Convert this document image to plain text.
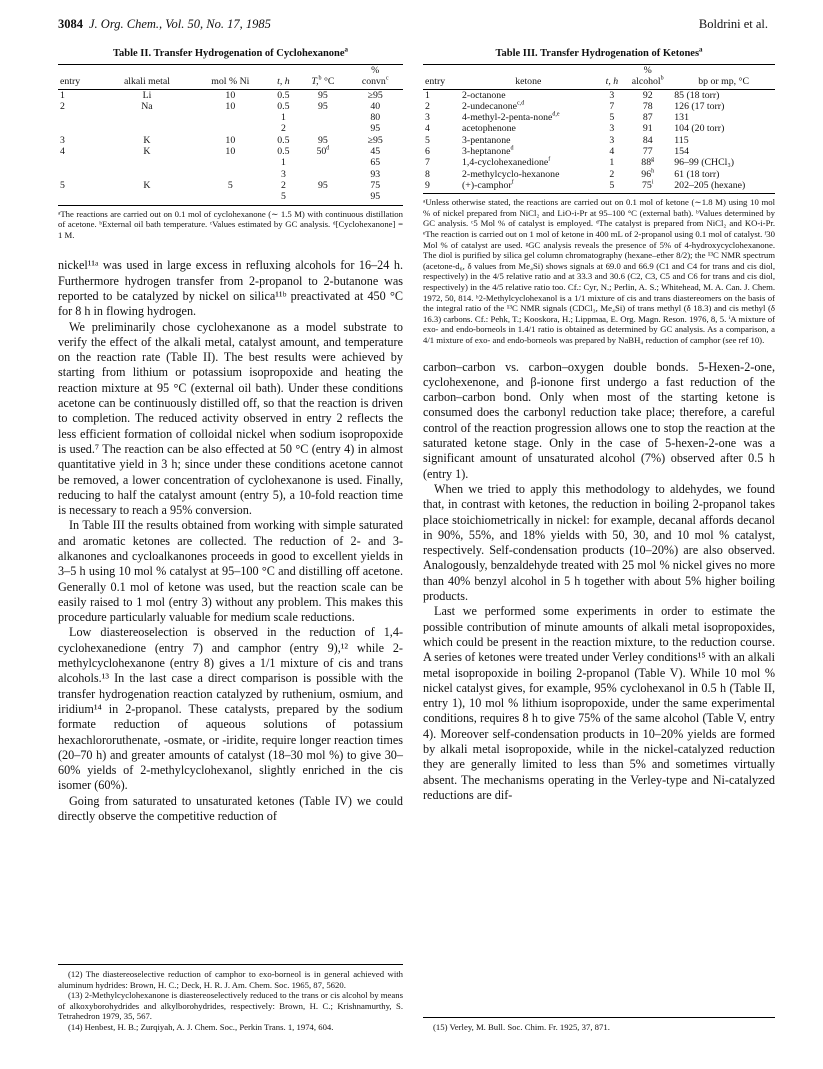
3084 J. Org. Chem., Vol. 50, No. 17, 1985	Boldrini et al.
Table II. Transfer Hydrogenation of Cyclohexanone$^a$
					%
entry	alkali metal	mol % Ni	t, h	T,$^b$ °C	convn$^c$
1	Li	10	0.5	95	≥95
2	Na	10	0.5	95	40
			1		80
			2		95
3	K	10	0.5	95	≥95
4	K	10	0.5	50$^d$	45
			1		65
			3		93
5	K	5	2	95	75
			5		95
ᵃThe reactions are carried out on 0.1 mol of cyclohexanone (∼ 1.5 M) with continuous distillation of acetone. ᵇExternal oil bath temperature. ᶜValues estimated by GC analysis. ᵈ[Cyclohexanone] = 1 M.

nickel¹¹ᵃ was used in large excess in refluxing alcohols for 16–24 h. Furthermore hydrogen transfer from 2-propanol to 2-butanone was reported to be catalyzed by nickel on silica¹¹ᵇ preactivated at 450 °C for 8 h in flowing hydrogen.

We preliminarily chose cyclohexanone as a model substrate to verify the effect of the alkali metal, catalyst amount, and temperature on the reaction rate (Table II). The best results were achieved by starting from lithium or potassium isopropoxide and heating the reaction mixture at 95 °C (external oil bath). Under these conditions acetone can be continuously distilled off, so that the reaction is driven to completion. The reduced activity observed in entry 2 reflects the less efficient formation of colloidal nickel when sodium isopropoxide is used.⁷ The reaction can be also effected at 50 °C (entry 4) in almost quantitative yield in 3 h; since under these conditions acetone cannot be removed, a lower concentration of cyclohexanone is used. Finally, reducing to half the catalyst amount (entry 5), a 10-fold reaction time is necessary to reach a 95% conversion.

In Table III the results obtained from working with simple saturated and aromatic ketones are collected. The reduction of 2- and 3-alkanones and cycloalkanones proceeds in good to excellent yields in 3–5 h using 10 mol % catalyst at 95–100 °C and distilling off acetone. Generally 0.1 mol of ketone was used, but the reaction scale can be easily raised to 1 mol (entry 3) without any problem. This makes this procedure particularly valuable for medium scale reductions.

Low diastereoselection is observed in the reduction of 1,4-cyclohexanedione (entry 7) and camphor (entry 9),¹² while 2-methylcyclohexanone (entry 8) gives a 1/1 mixture of cis and trans alcohols.¹³ In the last case a direct comparison is possible with the transfer hydrogenation reaction catalyzed by ruthenium, osmium, and iridium¹⁴ in 2-propanol. These catalysts, prepared by the sodium formate reduction of aqueous solutions of potassium hexachlororuthenate, -osmate, or -iridite, require longer reaction times (20–70 h) and greater amounts of catalyst (18–30 mol %) to give 30–60% yields of 2-methylcyclohexanol, slightly enriched in the cis isomer (60%).

Going from saturated to unsaturated ketones (Table IV) we could directly observe the competitive reduction of

(12) The diastereoselective reduction of camphor to exo-borneol is in general achieved with aluminum hydrides: Brown, H. C.; Deck, H. R. J. Am. Chem. Soc. 1965, 87, 5620.

(13) 2-Methylcyclohexanone is diastereoselectively reduced to the trans or cis alcohol by means of alkoxyborohydrides and alkylborohydrides, respectively: Brown, H. C.; Krishnamurthy, S. Tetrahedron 1979, 35, 567.

(14) Henbest, H. B.; Zurqiyah, A. J. Chem. Soc., Perkin Trans. 1, 1974, 604.

Table III. Transfer Hydrogenation of Ketones$^a$
			%	
entry	ketone	t, h	alcohol$^b$	bp or mp, °C
1	2-octanone	3	92	85 (18 torr)
2	2-undecanone$^{c,d}$	7	78	126 (17 torr)
3	4-methyl-2-penta-none$^{d,e}$	5	87	131
4	acetophenone	3	91	104 (20 torr)
5	3-pentanone	3	84	115
6	3-heptanone$^d$	4	77	154
7	1,4-cyclohexanedione$^f$	1	88$^g$	96–99 (CHCl₃)
8	2-methylcyclo-hexanone	2	96$^h$	61 (18 torr)
9	(+)-camphor$^f$	5	75$^i$	202–205 (hexane)
ᵃUnless otherwise stated, the reactions are carried out on 0.1 mol of ketone (∼1.8 M) using 10 mol % of nickel prepared from NiCl₂ and LiO-i-Pr at 95–100 °C (external bath). ᵇValues determined by GC analysis. ᶜ5 Mol % of catalyst is employed. ᵈThe catalyst is prepared from NiCl₂ and KO-i-Pr. ᵉThe reaction is carried out on 1 mol of ketone in 400 mL of 2-propanol using 0.1 mol of catalyst. ᶠ30 Mol % of catalyst are used. ᵍGC analysis reveals the presence of 5% of 4-hydroxycyclohexanone. The diol is purified by silica gel column chromatography (hexane–ether 8/2); the ¹³C NMR spectrum (acetone-d₆, δ values from Me₄Si) shows signals at 69.0 and 66.9 (C1 and C4 for trans and cis diol, respectively) in the 4/5 relative ratio and at 33.3 and 30.6 (C2, C3, C5 and C6 for trans and cis diol, respectively) in the 4/5 relative ratio too. Cf.: Cyr, N.; Perlin, A. S.; Whitehead, M. A. Can. J. Chem. 1972, 50, 814. ʰ2-Methylcyclohexanol is a 1/1 mixture of cis and trans diastereomers on the basis of the integral ratio of the ¹³C NMR signals (CDCl₃, Me₄Si) of trans methyl (δ 18.3) and cis methyl (δ 16.3) carbons. Cf.: Pehk, T.; Kooskora, H.; Lippmaa, E. Org. Magn. Reson. 1976, 8, 5. ⁱA mixture of exo- and endo-borneols in 1.4/1 ratio is obtained as determined by GC analysis. As a comparison, a 4/1 mixture of exo- and endo-borneols was prepared by NaBH₄ reduction of camphor (see ref 10).

carbon–carbon vs. carbon–oxygen double bonds. 5-Hexen-2-one, cyclohexenone, and β-ionone first undergo a fast reduction of the carbon–carbon bond. Only when most of the starting ketone is consumed does the carbonyl reduction take place; therefore, a careful control of the reaction progression allows one to stop the reaction at the saturated ketone stage. Only in the case of 5-hexen-2-one was a significant amount of unsaturated alcohol (7%) observed after 0.5 h (entry 1).

When we tried to apply this methodology to aldehydes, we found that, in contrast with ketones, the reduction in boiling 2-propanol takes place stoichiometrically in nickel: for example, decanal affords decanol in 90%, 55%, and 18% yields with 50, 30, and 10 mol % catalyst, respectively. Self-condensation products (10–20%) are also observed. Analogously, benzaldehyde treated with 25 mol % nickel gives no more than 40% benzyl alcohol in 5 h together with about 5% higher boiling products.

Last we performed some experiments in order to estimate the possible contribution of minute amounts of alkali metal isopropoxides, which could be present in the reaction mixture, to the reduction course. A series of ketones were treated under Verley conditions¹⁵ with an alkali metal isopropoxide in boiling 2-propanol (Table V). While 10 mol % nickel catalyst gives, for example, 95% cyclohexanol in 0.5 h (Table II, entry 1), 10 mol % lithium isopropoxide, under the same experimental conditions, requires 8 h to give 75% of the same alcohol (Table V, entry 4). Moreover self-condensation products in 10–20% yields are formed by alkali metal isopropoxide, while in the nickel-catalyzed reduction they are generally limited to less than 5% and sometimes virtually absent. The mechanisms operating in the Verley-type and Ni-catalyzed reductions are dif-

(15) Verley, M. Bull. Soc. Chim. Fr. 1925, 37, 871.
